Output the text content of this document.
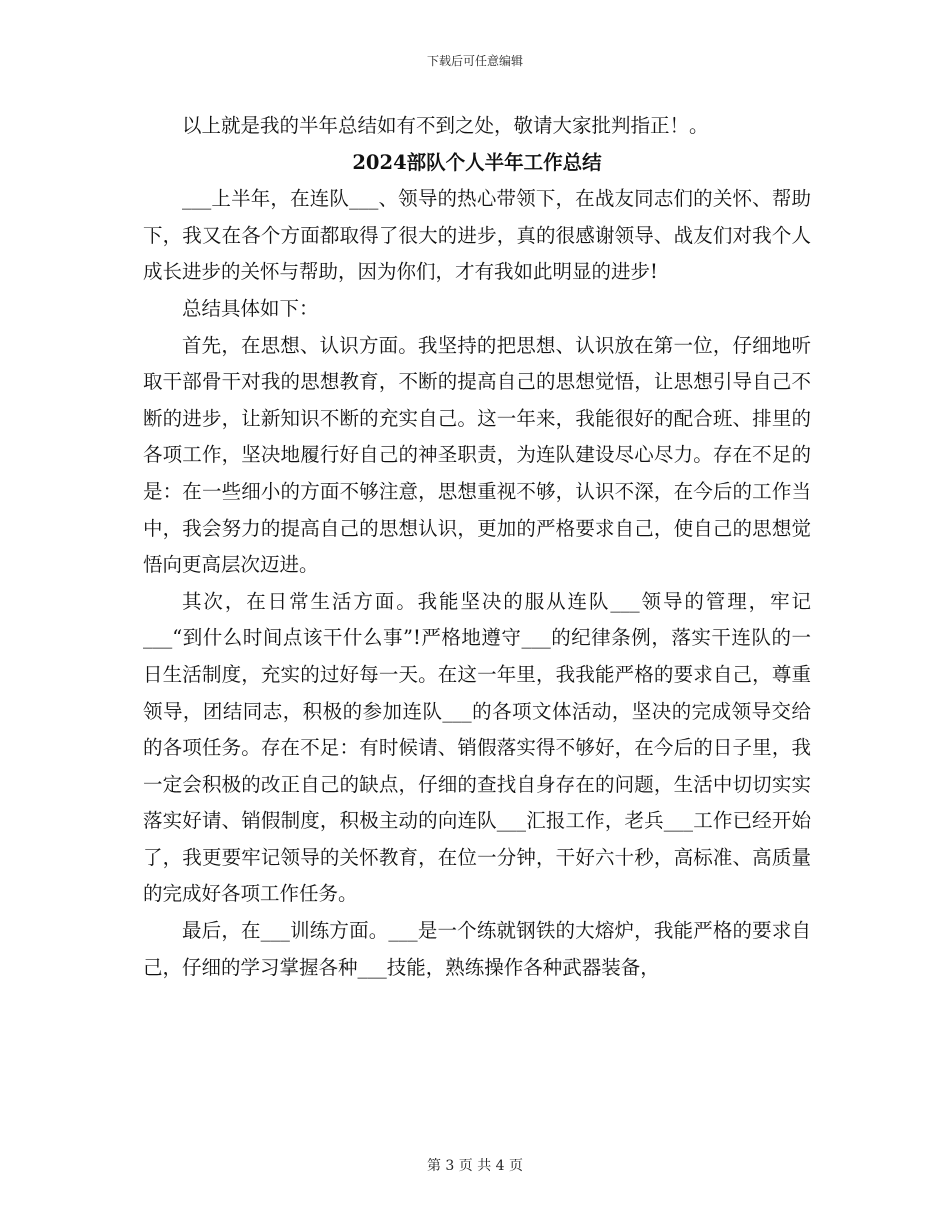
下载后可任意编辑

以上就是我的半年总结如有不到之处，敬请大家批判指正！。

2024部队个人半年工作总结

___上半年，在连队___、领导的热心带领下，在战友同志们的关怀、帮助下，我又在各个方面都取得了很大的进步，真的很感谢领导、战友们对我个人成长进步的关怀与帮助，因为你们，才有我如此明显的进步!

总结具体如下：

首先，在思想、认识方面。我坚持的把思想、认识放在第一位，仔细地听取干部骨干对我的思想教育，不断的提高自己的思想觉悟，让思想引导自己不断的进步，让新知识不断的充实自己。这一年来，我能很好的配合班、排里的各项工作，坚决地履行好自己的神圣职责，为连队建设尽心尽力。存在不足的是：在一些细小的方面不够注意，思想重视不够，认识不深，在今后的工作当中，我会努力的提高自己的思想认识，更加的严格要求自己，使自己的思想觉悟向更高层次迈进。

其次，在日常生活方面。我能坚决的服从连队___领导的管理，牢记___“到什么时间点该干什么事”!严格地遵守___的纪律条例，落实干连队的一日生活制度，充实的过好每一天。在这一年里，我我能严格的要求自己，尊重领导，团结同志，积极的参加连队___的各项文体活动，坚决的完成领导交给的各项任务。存在不足：有时候请、销假落实得不够好，在今后的日子里，我一定会积极的改正自己的缺点，仔细的查找自身存在的问题，生活中切切实实落实好请、销假制度，积极主动的向连队___汇报工作，老兵___工作已经开始了，我更要牢记领导的关怀教育，在位一分钟，干好六十秒，高标准、高质量的完成好各项工作任务。

最后，在___训练方面。___是一个练就钢铁的大熔炉，我能严格的要求自己，仔细的学习掌握各种___技能，熟练操作各种武器装备，

第 3 页 共 4 页
